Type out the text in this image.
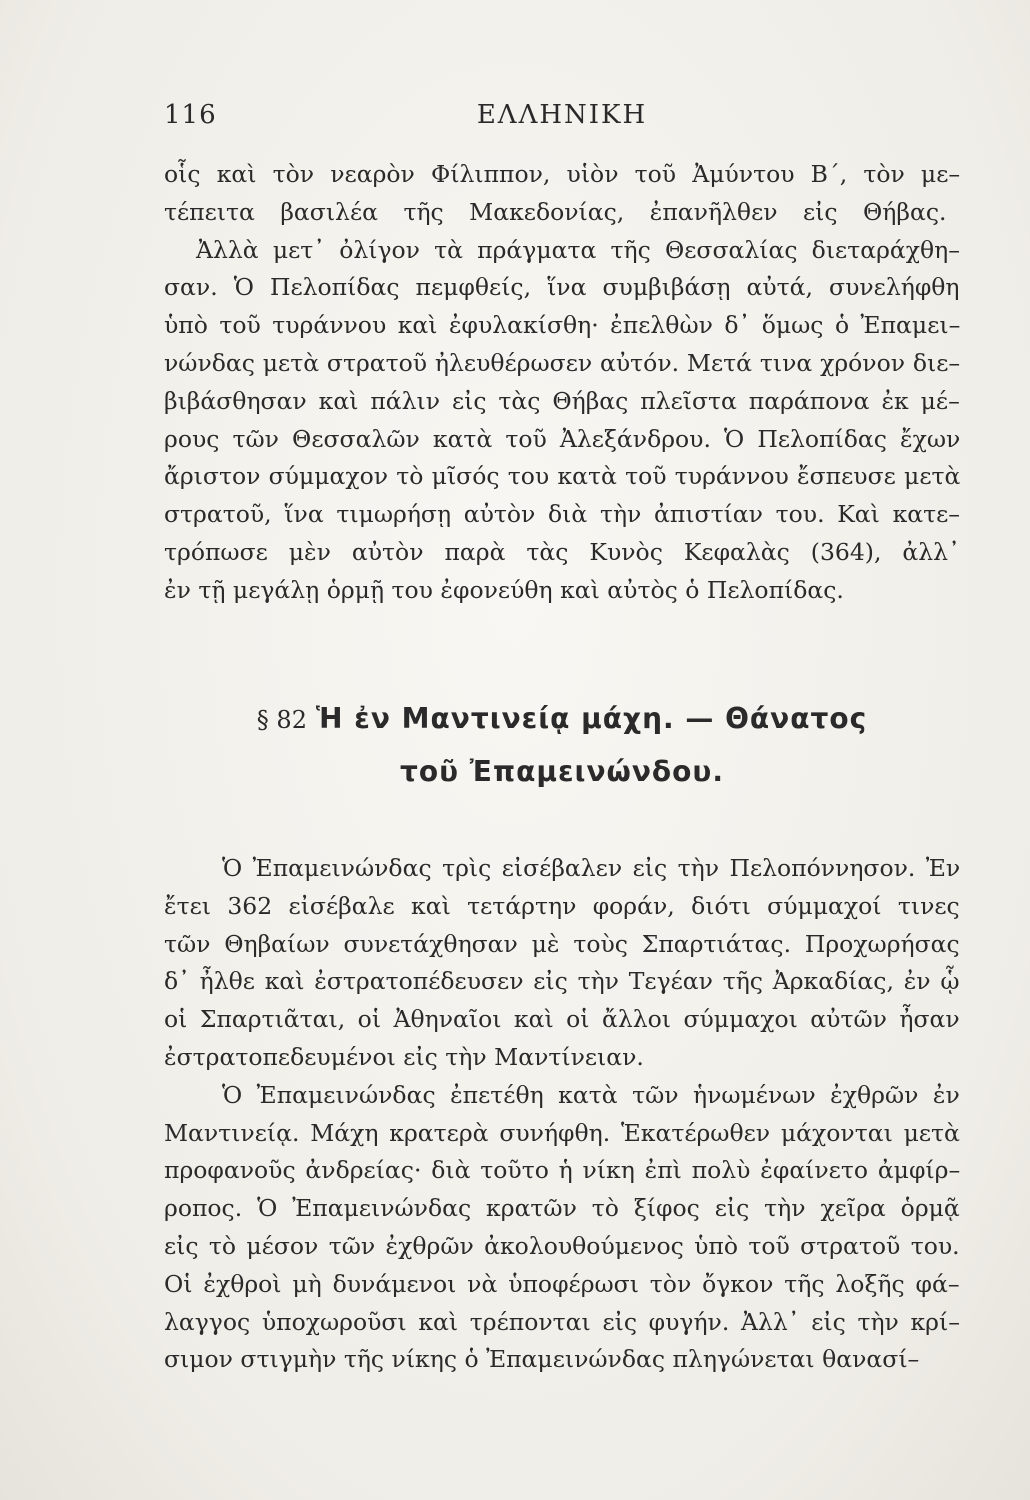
116	ΕΛΛΗΝΙΚΗ
οἷς καὶ τὸν νεαρὸν Φίλιππον, υἱὸν τοῦ Ἀμύντου Β΄, τὸν με–
τέπειτα βασιλέα τῆς Μακεδονίας, ἐπανῆλθεν εἰς Θήβας.
Ἀλλὰ μετ᾽ ὀλίγον τὰ πράγματα τῆς Θεσσαλίας διεταράχθη–
σαν. Ὁ Πελοπίδας πεμφθείς, ἵνα συμβιβάσῃ αὐτά, συνελήφθη
ὑπὸ τοῦ τυράννου καὶ ἐφυλακίσθη· ἐπελθὼν δ᾽ ὅμως ὁ Ἐπαμει–
νώνδας μετὰ στρατοῦ ἠλευθέρωσεν αὐτόν. Μετά τινα χρόνον διε–
βιβάσθησαν καὶ πάλιν εἰς τὰς Θήβας πλεῖστα παράπονα ἐκ μέ–
ρους τῶν Θεσσαλῶν κατὰ τοῦ Ἀλεξάνδρου. Ὁ Πελοπίδας ἔχων
ἄριστον σύμμαχον τὸ μῖσός του κατὰ τοῦ τυράννου ἔσπευσε μετὰ
στρατοῦ, ἵνα τιμωρήσῃ αὐτὸν διὰ τὴν ἀπιστίαν του. Καὶ κατε–
τρόπωσε μὲν αὐτὸν παρὰ τὰς Κυνὸς Κεφαλὰς (364), ἀλλ᾽
ἐν τῇ μεγάλῃ ὁρμῇ του ἐφονεύθη καὶ αὐτὸς ὁ Πελοπίδας.
§ 82 Ἡ ἐν Μαντινείᾳ μάχη. — Θάνατος
τοῦ Ἐπαμεινώνδου.
Ὁ Ἐπαμεινώνδας τρὶς εἰσέβαλεν εἰς τὴν Πελοπόννησον. Ἐν
ἔτει 362 εἰσέβαλε καὶ τετάρτην φοράν, διότι σύμμαχοί τινες
τῶν Θηβαίων συνετάχθησαν μὲ τοὺς Σπαρτιάτας. Προχωρήσας
δ᾽ ἦλθε καὶ ἐστρατοπέδευσεν εἰς τὴν Τεγέαν τῆς Ἀρκαδίας, ἐν ᾧ
οἱ Σπαρτιᾶται, οἱ Ἀθηναῖοι καὶ οἱ ἄλλοι σύμμαχοι αὐτῶν ἦσαν
ἐστρατοπεδευμένοι εἰς τὴν Μαντίνειαν.
Ὁ Ἐπαμεινώνδας ἐπετέθη κατὰ τῶν ἡνωμένων ἐχθρῶν ἐν
Μαντινείᾳ. Μάχη κρατερὰ συνήφθη. Ἑκατέρωθεν μάχονται μετὰ
προφανοῦς ἀνδρείας· διὰ τοῦτο ἡ νίκη ἐπὶ πολὺ ἐφαίνετο ἀμφίρ–
ροπος. Ὁ Ἐπαμεινώνδας κρατῶν τὸ ξίφος εἰς τὴν χεῖρα ὁρμᾷ
εἰς τὸ μέσον τῶν ἐχθρῶν ἀκολουθούμενος ὑπὸ τοῦ στρατοῦ του.
Οἱ ἐχθροὶ μὴ δυνάμενοι νὰ ὑποφέρωσι τὸν ὄγκον τῆς λοξῆς φά–
λαγγος ὑποχωροῦσι καὶ τρέπονται εἰς φυγήν. Ἀλλ᾽ εἰς τὴν κρί–
σιμον στιγμὴν τῆς νίκης ὁ Ἐπαμεινώνδας πληγώνεται θανασί–
